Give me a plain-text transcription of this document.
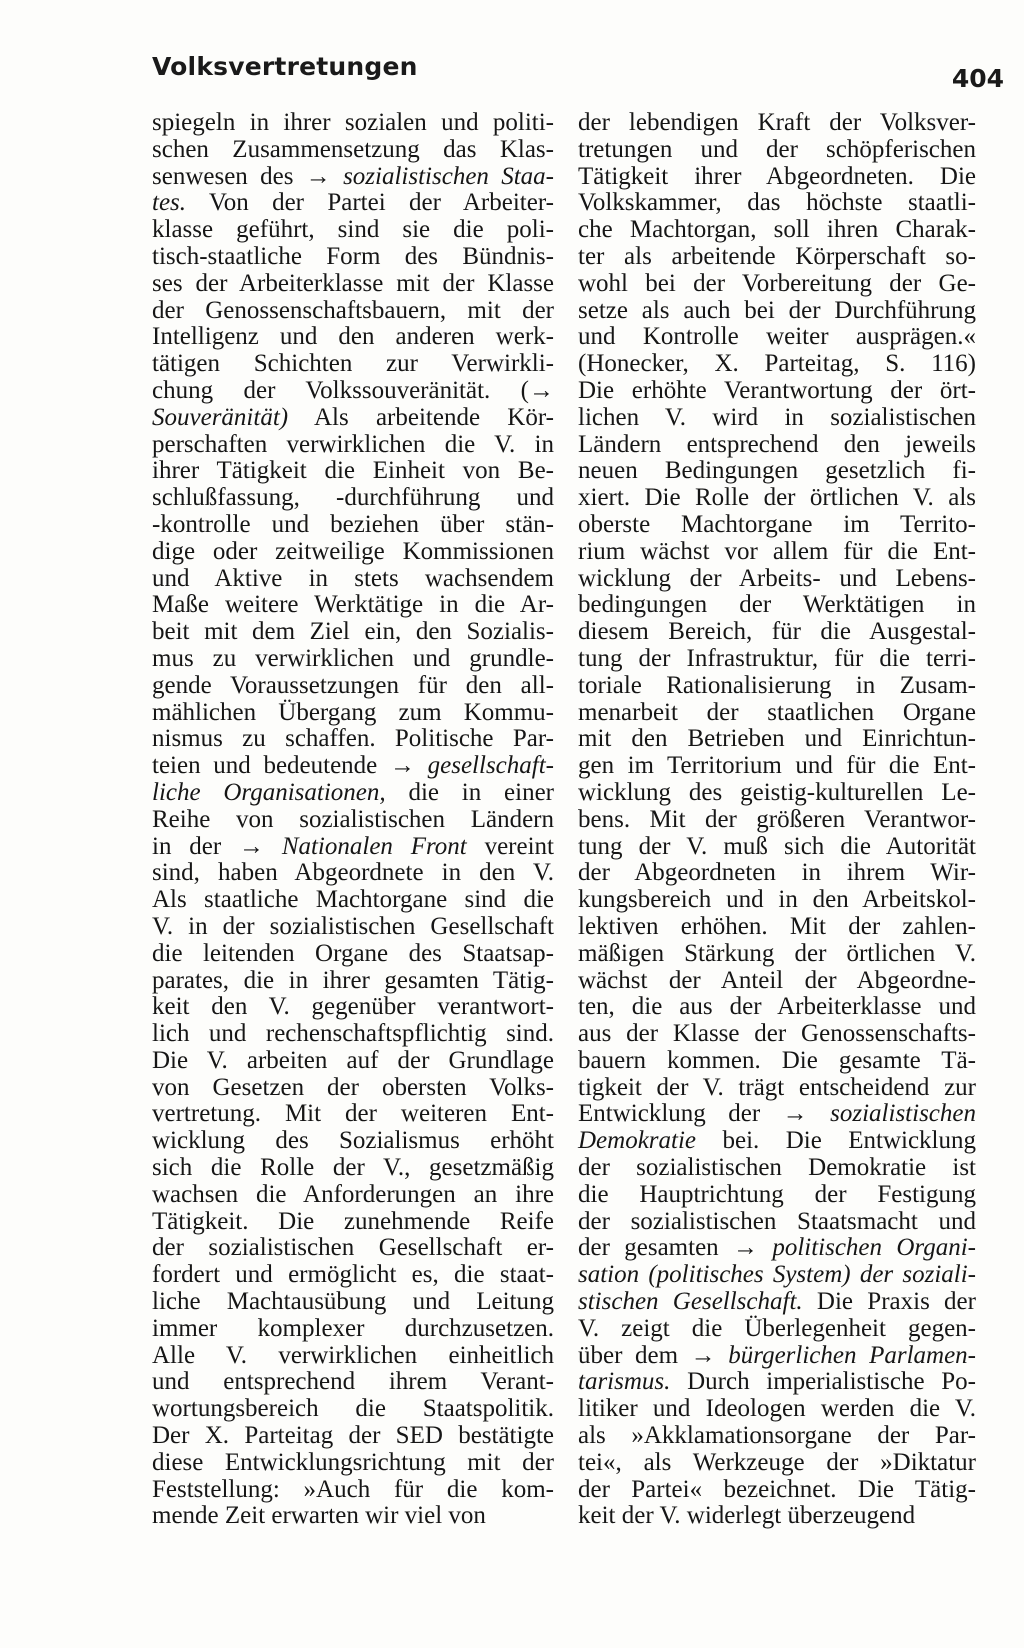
Volksvertretungen	404
spiegeln in ihrer sozialen und politi-
schen Zusammensetzung das Klas-
senwesen des → sozialistischen Staa-
tes. Von der Partei der Arbeiter-
klasse geführt, sind sie die poli-
tisch-staatliche Form des Bündnis-
ses der Arbeiterklasse mit der Klasse
der Genossenschaftsbauern, mit der
Intelligenz und den anderen werk-
tätigen Schichten zur Verwirkli-
chung der Volkssouveränität. (→
Souveränität) Als arbeitende Kör-
perschaften verwirklichen die V. in
ihrer Tätigkeit die Einheit von Be-
schlußfassung, -durchführung und
-kontrolle und beziehen über stän-
dige oder zeitweilige Kommissionen
und Aktive in stets wachsendem
Maße weitere Werktätige in die Ar-
beit mit dem Ziel ein, den Sozialis-
mus zu verwirklichen und grundle-
gende Voraussetzungen für den all-
mählichen Übergang zum Kommu-
nismus zu schaffen. Politische Par-
teien und bedeutende → gesellschaft-
liche Organisationen, die in einer
Reihe von sozialistischen Ländern
in der → Nationalen Front vereint
sind, haben Abgeordnete in den V.
Als staatliche Machtorgane sind die
V. in der sozialistischen Gesellschaft
die leitenden Organe des Staatsap-
parates, die in ihrer gesamten Tätig-
keit den V. gegenüber verantwort-
lich und rechenschaftspflichtig sind.
Die V. arbeiten auf der Grundlage
von Gesetzen der obersten Volks-
vertretung. Mit der weiteren Ent-
wicklung des Sozialismus erhöht
sich die Rolle der V., gesetzmäßig
wachsen die Anforderungen an ihre
Tätigkeit. Die zunehmende Reife
der sozialistischen Gesellschaft er-
fordert und ermöglicht es, die staat-
liche Machtausübung und Leitung
immer komplexer durchzusetzen.
Alle V. verwirklichen einheitlich
und entsprechend ihrem Verant-
wortungsbereich die Staatspolitik.
Der X. Parteitag der SED bestätigte
diese Entwicklungsrichtung mit der
Feststellung: »Auch für die kom-
mende Zeit erwarten wir viel von
der lebendigen Kraft der Volksver-
tretungen und der schöpferischen
Tätigkeit ihrer Abgeordneten. Die
Volkskammer, das höchste staatli-
che Machtorgan, soll ihren Charak-
ter als arbeitende Körperschaft so-
wohl bei der Vorbereitung der Ge-
setze als auch bei der Durchführung
und Kontrolle weiter ausprägen.«
(Honecker, X. Parteitag, S. 116)
Die erhöhte Verantwortung der ört-
lichen V. wird in sozialistischen
Ländern entsprechend den jeweils
neuen Bedingungen gesetzlich fi-
xiert. Die Rolle der örtlichen V. als
oberste Machtorgane im Territo-
rium wächst vor allem für die Ent-
wicklung der Arbeits- und Lebens-
bedingungen der Werktätigen in
diesem Bereich, für die Ausgestal-
tung der Infrastruktur, für die terri-
toriale Rationalisierung in Zusam-
menarbeit der staatlichen Organe
mit den Betrieben und Einrichtun-
gen im Territorium und für die Ent-
wicklung des geistig-kulturellen Le-
bens. Mit der größeren Verantwor-
tung der V. muß sich die Autorität
der Abgeordneten in ihrem Wir-
kungsbereich und in den Arbeitskol-
lektiven erhöhen. Mit der zahlen-
mäßigen Stärkung der örtlichen V.
wächst der Anteil der Abgeordne-
ten, die aus der Arbeiterklasse und
aus der Klasse der Genossenschafts-
bauern kommen. Die gesamte Tä-
tigkeit der V. trägt entscheidend zur
Entwicklung der → sozialistischen
Demokratie bei. Die Entwicklung
der sozialistischen Demokratie ist
die Hauptrichtung der Festigung
der sozialistischen Staatsmacht und
der gesamten → politischen Organi-
sation (politisches System) der soziali-
stischen Gesellschaft. Die Praxis der
V. zeigt die Überlegenheit gegen-
über dem → bürgerlichen Parlamen-
tarismus. Durch imperialistische Po-
litiker und Ideologen werden die V.
als »Akklamationsorgane der Par-
tei«, als Werkzeuge der »Diktatur
der Partei« bezeichnet. Die Tätig-
keit der V. widerlegt überzeugend
